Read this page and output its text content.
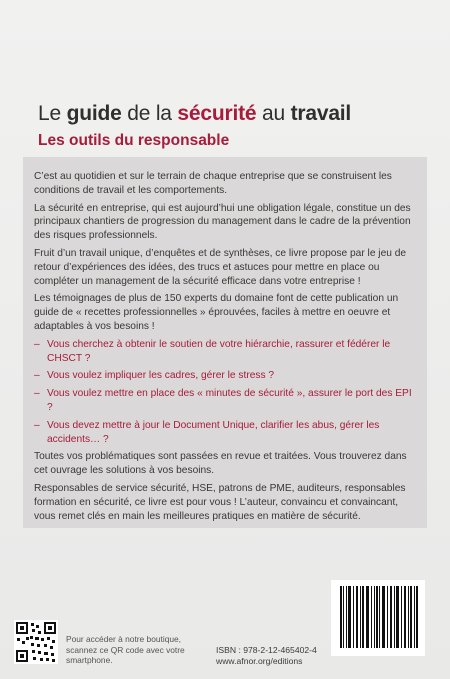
Le guide de la sécurité au travail
Les outils du responsable

C’est au quotidien et sur le terrain de chaque entreprise que se construisent les conditions de travail et les comportements.

La sécurité en entreprise, qui est aujourd’hui une obligation légale, constitue un des principaux chantiers de progression du management dans le cadre de la prévention des risques professionnels.

Fruit d’un travail unique, d’enquêtes et de synthèses, ce livre propose par le jeu de retour d’expériences des idées, des trucs et astuces pour mettre en place ou compléter un management de la sécurité efficace dans votre entreprise !

Les témoignages de plus de 150 experts du domaine font de cette publication un guide de « recettes professionnelles » éprouvées, faciles à mettre en oeuvre et adaptables à vos besoins !

– Vous cherchez à obtenir le soutien de votre hiérarchie, rassurer et fédérer le CHSCT ?
– Vous voulez impliquer les cadres, gérer le stress ?
– Vous voulez mettre en place des « minutes de sécurité », assurer le port des EPI ?
– Vous devez mettre à jour le Document Unique, clarifier les abus, gérer les accidents… ?

Toutes vos problématiques sont passées en revue et traitées. Vous trouverez dans cet ouvrage les solutions à vos besoins.

Responsables de service sécurité, HSE, patrons de PME, auditeurs, responsables formation en sécurité, ce livre est pour vous ! L’auteur, convaincu et convaincant, vous remet clés en main les meilleures pratiques en matière de sécurité.

Pour accéder à notre boutique, scannez ce QR code avec votre smartphone.
ISBN : 978-2-12-465402-4
www.afnor.org/editions
